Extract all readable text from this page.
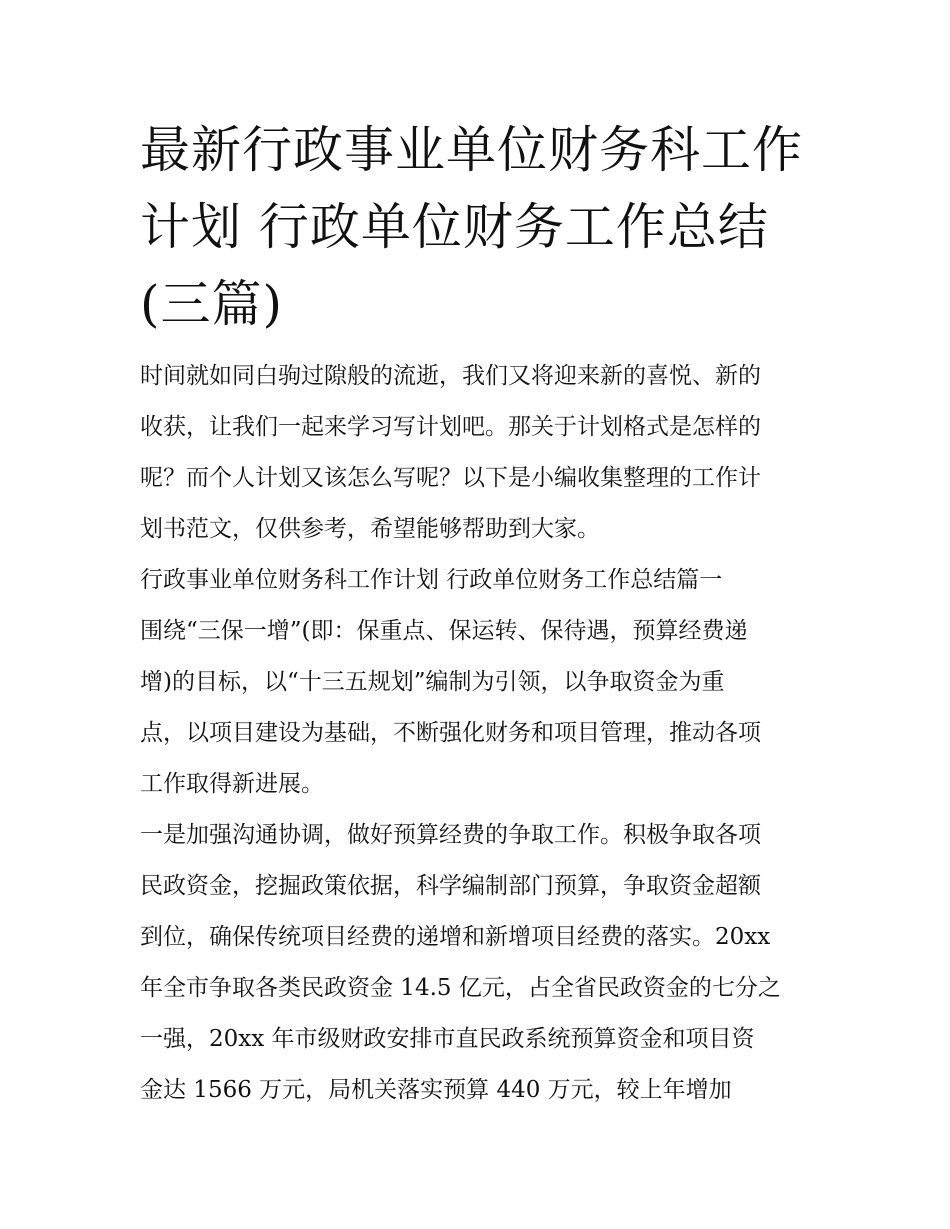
最新行政事业单位财务科工作
计划 行政单位财务工作总结
(三篇)

时间就如同白驹过隙般的流逝，我们又将迎来新的喜悦、新的
收获，让我们一起来学习写计划吧。那关于计划格式是怎样的
呢？而个人计划又该怎么写呢？以下是小编收集整理的工作计
划书范文，仅供参考，希望能够帮助到大家。

行政事业单位财务科工作计划 行政单位财务工作总结篇一

围绕“三保一增”(即：保重点、保运转、保待遇，预算经费递
增)的目标，以“十三五规划”编制为引领，以争取资金为重
点，以项目建设为基础，不断强化财务和项目管理，推动各项
工作取得新进展。

一是加强沟通协调，做好预算经费的争取工作。积极争取各项
民政资金，挖掘政策依据，科学编制部门预算，争取资金超额
到位，确保传统项目经费的递增和新增项目经费的落实。20xx
年全市争取各类民政资金 14.5 亿元，占全省民政资金的七分之
一强，20xx 年市级财政安排市直民政系统预算资金和项目资
金达 1566 万元，局机关落实预算 440 万元，较上年增加
